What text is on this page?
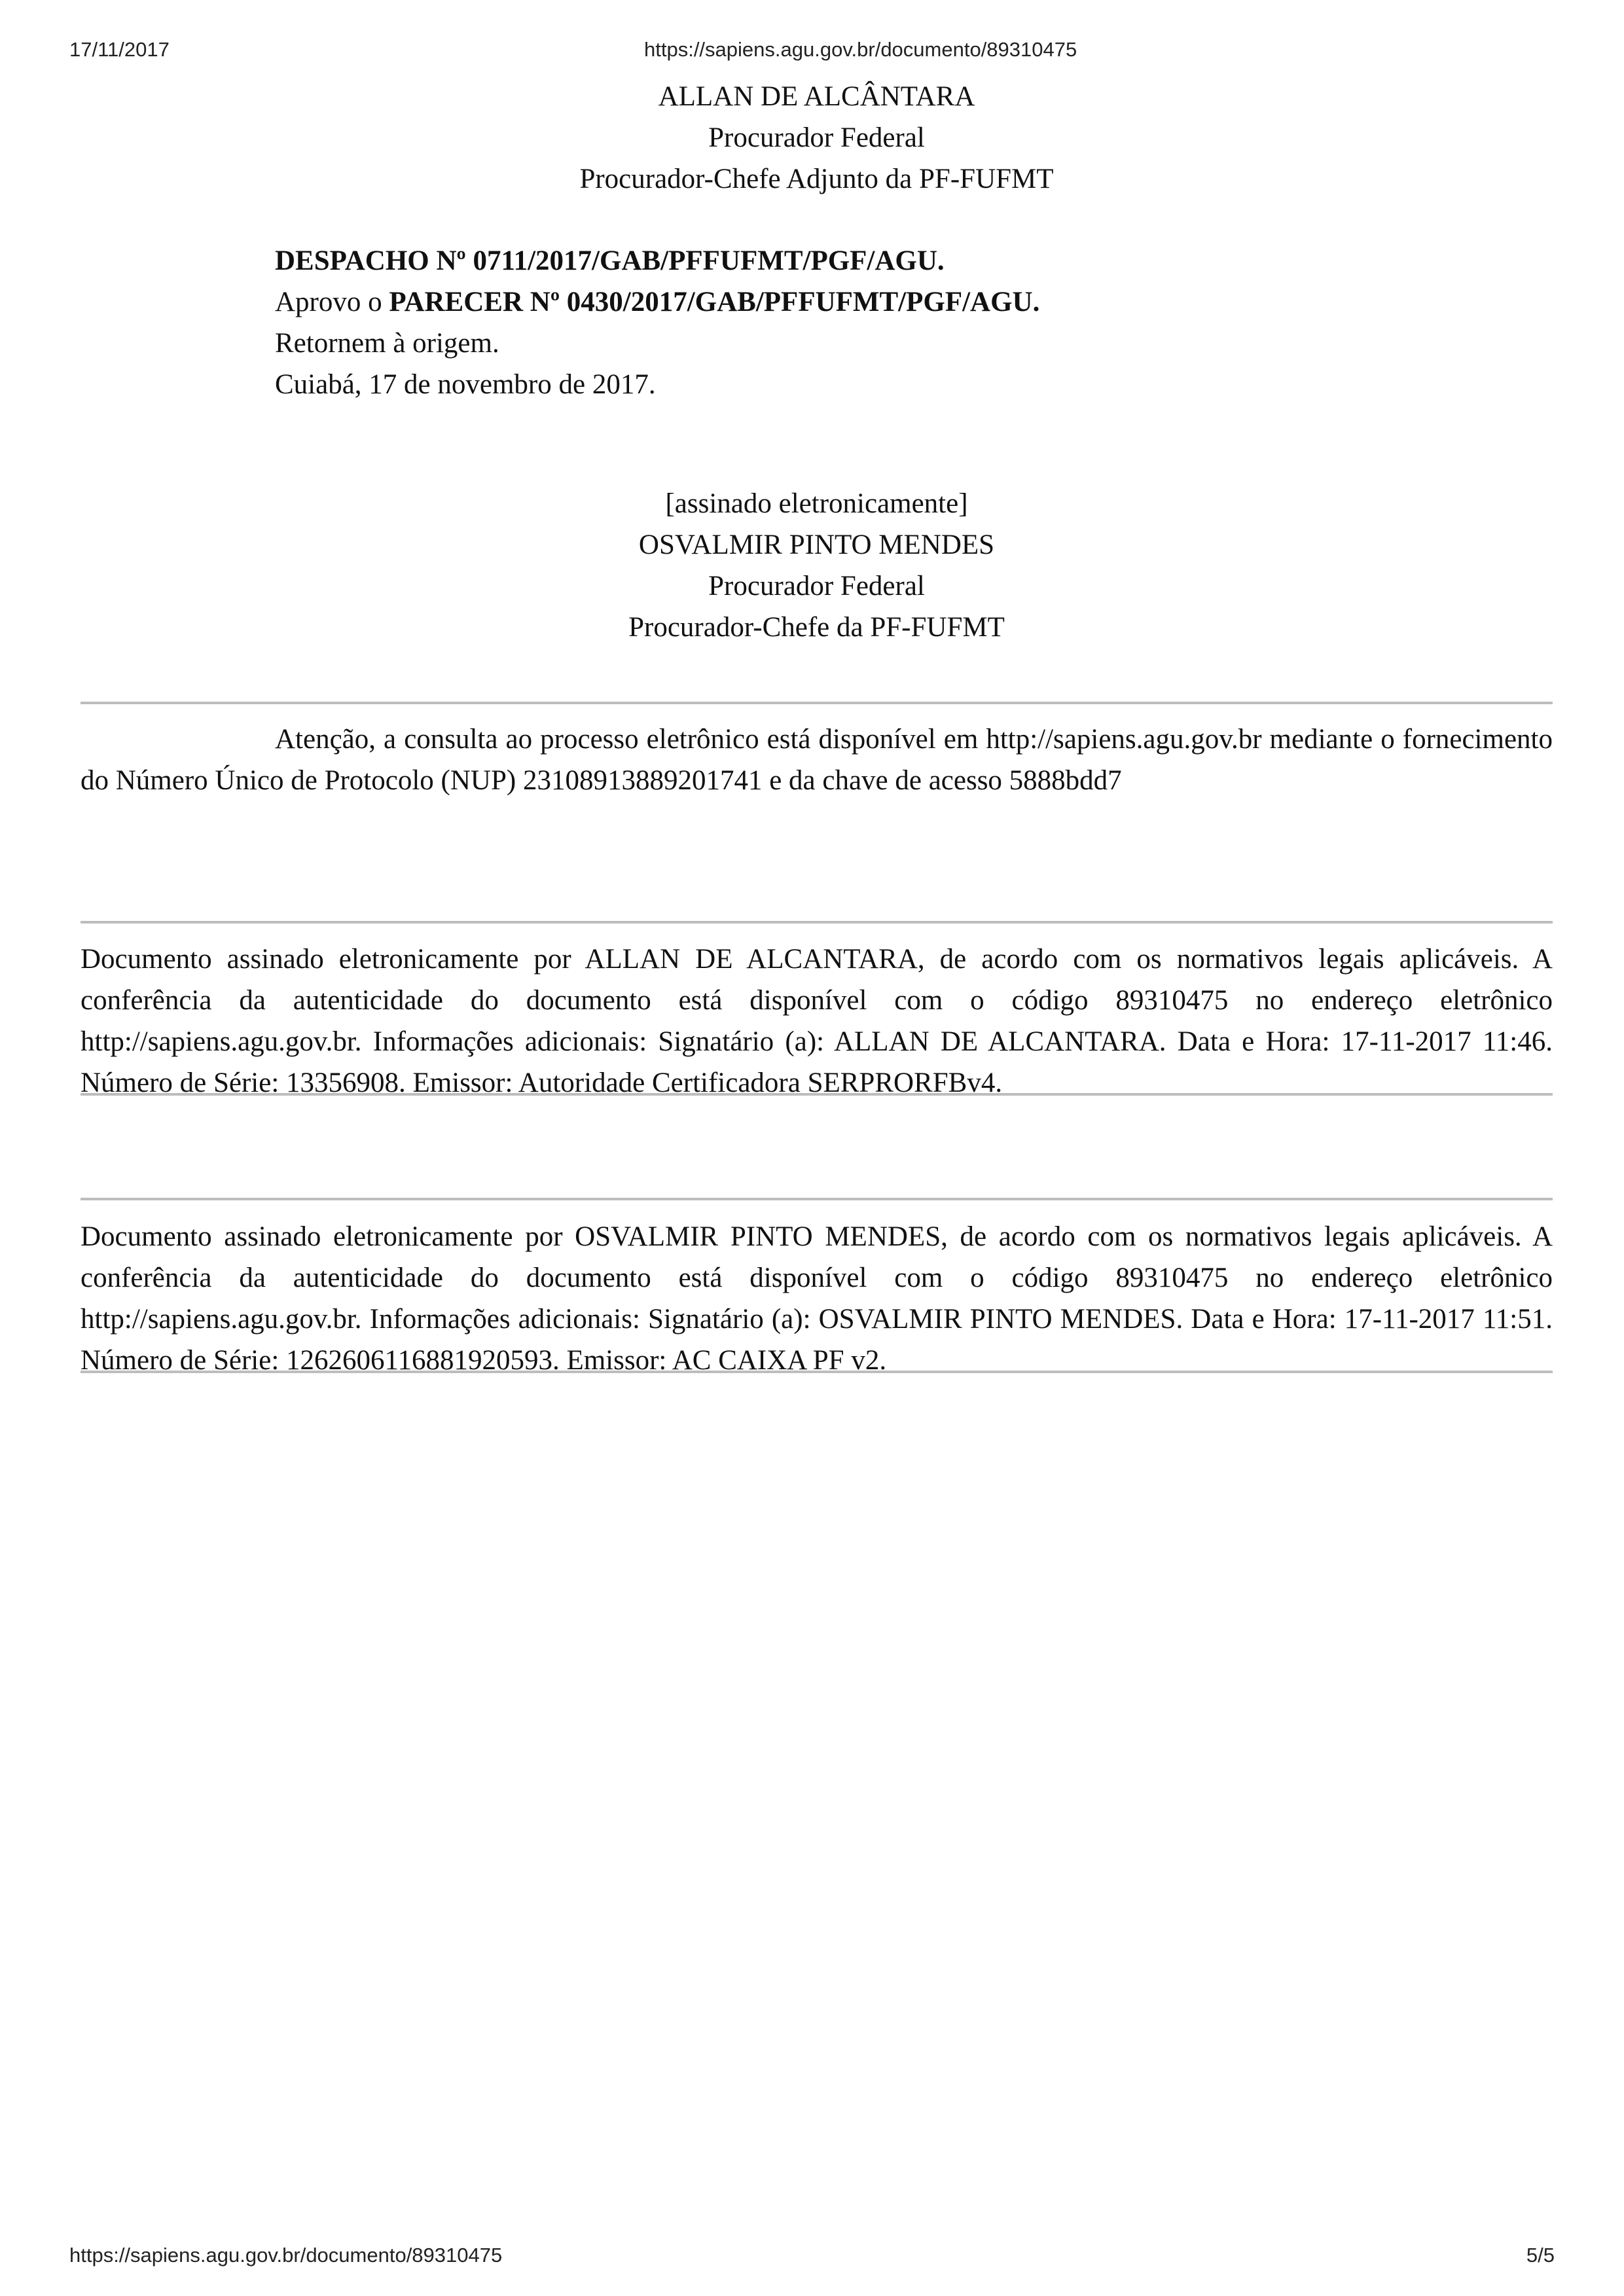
17/11/2017	https://sapiens.agu.gov.br/documento/89310475
ALLAN DE ALCÂNTARA
Procurador Federal
Procurador-Chefe Adjunto da PF-FUFMT
DESPACHO Nº 0711/2017/GAB/PFFUFMT/PGF/AGU.
Aprovo o PARECER Nº 0430/2017/GAB/PFFUFMT/PGF/AGU.
Retornem à origem.
Cuiabá, 17 de novembro de 2017.
[assinado eletronicamente]
OSVALMIR PINTO MENDES
Procurador Federal
Procurador-Chefe da PF-FUFMT
Atenção, a consulta ao processo eletrônico está disponível em http://sapiens.agu.gov.br mediante o fornecimento do Número Único de Protocolo (NUP) 23108913889201741 e da chave de acesso 5888bdd7
Documento assinado eletronicamente por ALLAN DE ALCANTARA, de acordo com os normativos legais aplicáveis. A conferência da autenticidade do documento está disponível com o código 89310475 no endereço eletrônico http://sapiens.agu.gov.br. Informações adicionais: Signatário (a): ALLAN DE ALCANTARA. Data e Hora: 17-11-2017 11:46. Número de Série: 13356908. Emissor: Autoridade Certificadora SERPRORFBv4.
Documento assinado eletronicamente por OSVALMIR PINTO MENDES, de acordo com os normativos legais aplicáveis. A conferência da autenticidade do documento está disponível com o código 89310475 no endereço eletrônico http://sapiens.agu.gov.br. Informações adicionais: Signatário (a): OSVALMIR PINTO MENDES. Data e Hora: 17-11-2017 11:51. Número de Série: 1262606116881920593. Emissor: AC CAIXA PF v2.
https://sapiens.agu.gov.br/documento/89310475	5/5
